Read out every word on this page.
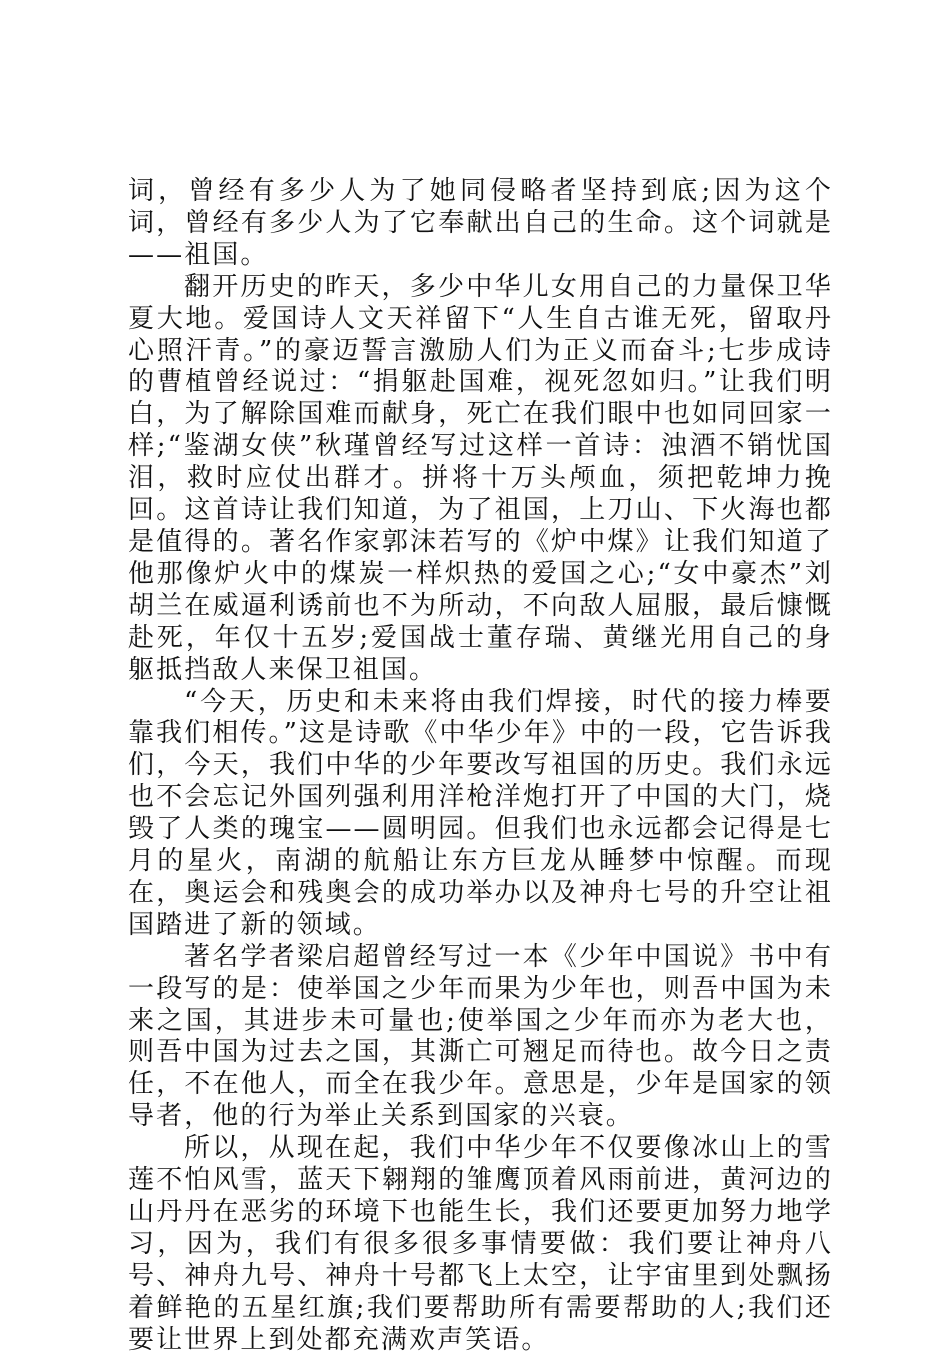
词，曾经有多少人为了她同侵略者坚持到底;因为这个词，曾经有多少人为了它奉献出自己的生命。这个词就是——祖国。

翻开历史的昨天，多少中华儿女用自己的力量保卫华夏大地。爱国诗人文天祥留下“人生自古谁无死，留取丹心照汗青。”的豪迈誓言激励人们为正义而奋斗;七步成诗的曹植曾经说过：“捐躯赴国难，视死忽如归。”让我们明白，为了解除国难而献身，死亡在我们眼中也如同回家一样;“鉴湖女侠”秋瑾曾经写过这样一首诗：浊酒不销忧国泪，救时应仗出群才。拼将十万头颅血，须把乾坤力挽回。这首诗让我们知道，为了祖国，上刀山、下火海也都是值得的。著名作家郭沫若写的《炉中煤》让我们知道了他那像炉火中的煤炭一样炽热的爱国之心;“女中豪杰”刘胡兰在威逼利诱前也不为所动，不向敌人屈服，最后慷慨赴死，年仅十五岁;爱国战士董存瑞、黄继光用自己的身躯抵挡敌人来保卫祖国。

“今天，历史和未来将由我们焊接，时代的接力棒要靠我们相传。”这是诗歌《中华少年》中的一段，它告诉我们，今天，我们中华的少年要改写祖国的历史。我们永远也不会忘记外国列强利用洋枪洋炮打开了中国的大门，烧毁了人类的瑰宝——圆明园。但我们也永远都会记得是七月的星火，南湖的航船让东方巨龙从睡梦中惊醒。而现在，奥运会和残奥会的成功举办以及神舟七号的升空让祖国踏进了新的领域。

著名学者梁启超曾经写过一本《少年中国说》书中有一段写的是：使举国之少年而果为少年也，则吾中国为未来之国，其进步未可量也;使举国之少年而亦为老大也，则吾中国为过去之国，其澌亡可翘足而待也。故今日之责任，不在他人，而全在我少年。意思是，少年是国家的领导者，他的行为举止关系到国家的兴衰。

所以，从现在起，我们中华少年不仅要像冰山上的雪莲不怕风雪，蓝天下翱翔的雏鹰顶着风雨前进，黄河边的山丹丹在恶劣的环境下也能生长，我们还要更加努力地学习，因为，我们有很多很多事情要做：我们要让神舟八号、神舟九号、神舟十号都飞上太空，让宇宙里到处飘扬着鲜艳的五星红旗;我们要帮助所有需要帮助的人;我们还要让世界上到处都充满欢声笑语。
